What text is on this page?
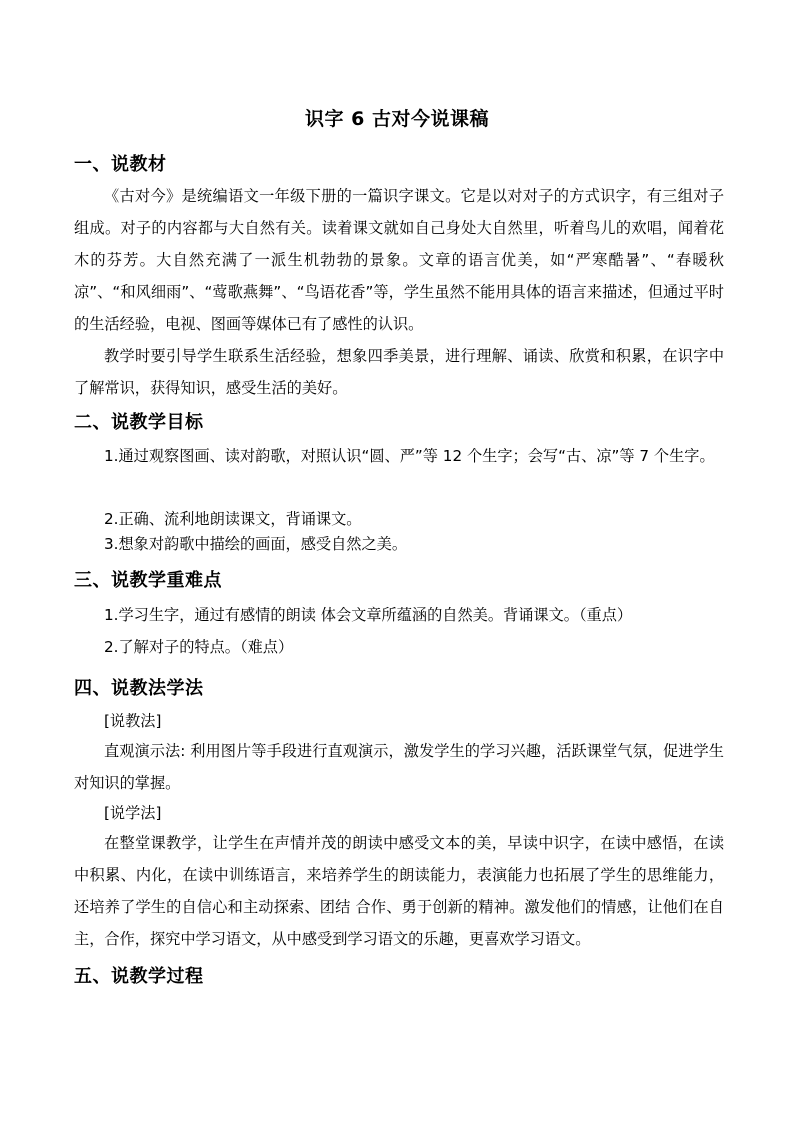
识字 6 古对今说课稿
一、说教材
《古对今》是统编语文一年级下册的一篇识字课文。它是以对对子的方式识字，有三组对子组成。对子的内容都与大自然有关。读着课文就如自己身处大自然里，听着鸟儿的欢唱，闻着花木的芬芳。大自然充满了一派生机勃勃的景象。文章的语言优美，如“严寒酷暑”、“春暖秋凉”、“和风细雨”、“莺歌燕舞”、“鸟语花香”等，学生虽然不能用具体的语言来描述，但通过平时的生活经验，电视、图画等媒体已有了感性的认识。
教学时要引导学生联系生活经验，想象四季美景，进行理解、诵读、欣赏和积累，在识字中了解常识，获得知识，感受生活的美好。
二、说教学目标
1.通过观察图画、读对韵歌，对照认识“圆、严”等 12 个生字；会写“古、凉”等 7 个生字。
2.正确、流利地朗读课文，背诵课文。
3.想象对韵歌中描绘的画面，感受自然之美。
三、说教学重难点
1.学习生字，通过有感情的朗读 体会文章所蕴涵的自然美。背诵课文。（重点）
2.了解对子的特点。（难点）
四、说教法学法
[说教法]
直观演示法: 利用图片等手段进行直观演示，激发学生的学习兴趣，活跃课堂气氛，促进学生对知识的掌握。
[说学法]
在整堂课教学，让学生在声情并茂的朗读中感受文本的美，早读中识字，在读中感悟，在读中积累、内化，在读中训练语言，来培养学生的朗读能力，表演能力也拓展了学生的思维能力，还培养了学生的自信心和主动探索、团结 合作、勇于创新的精神。激发他们的情感，让他们在自主，合作，探究中学习语文，从中感受到学习语文的乐趣，更喜欢学习语文。
五、说教学过程
